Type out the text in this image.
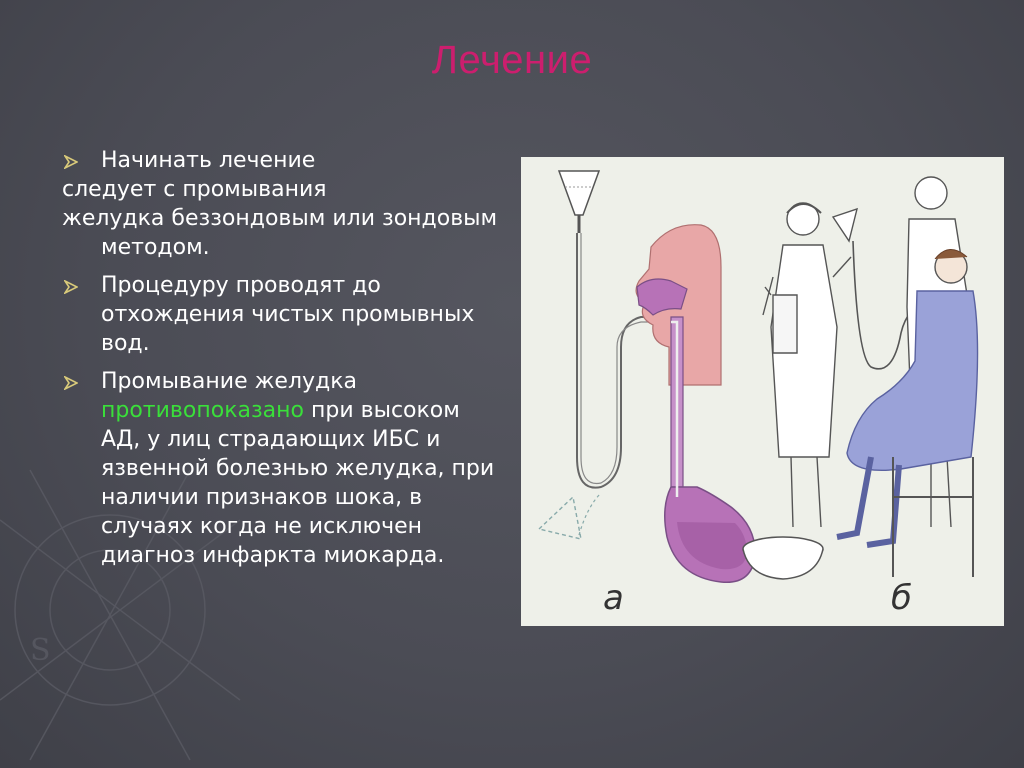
S
Лечение

Начинать лечение

следует с промывания

желудка беззондовым или зондовым методом.

Процедуру проводят до отхождения чистых промывных вод.

Промывание желудка противопоказано при высоком АД, у лиц страдающих ИБС и язвенной болезнью желудка, при наличии признаков шока, в случаях когда не исключен диагноз инфаркта миокарда.

а	б
